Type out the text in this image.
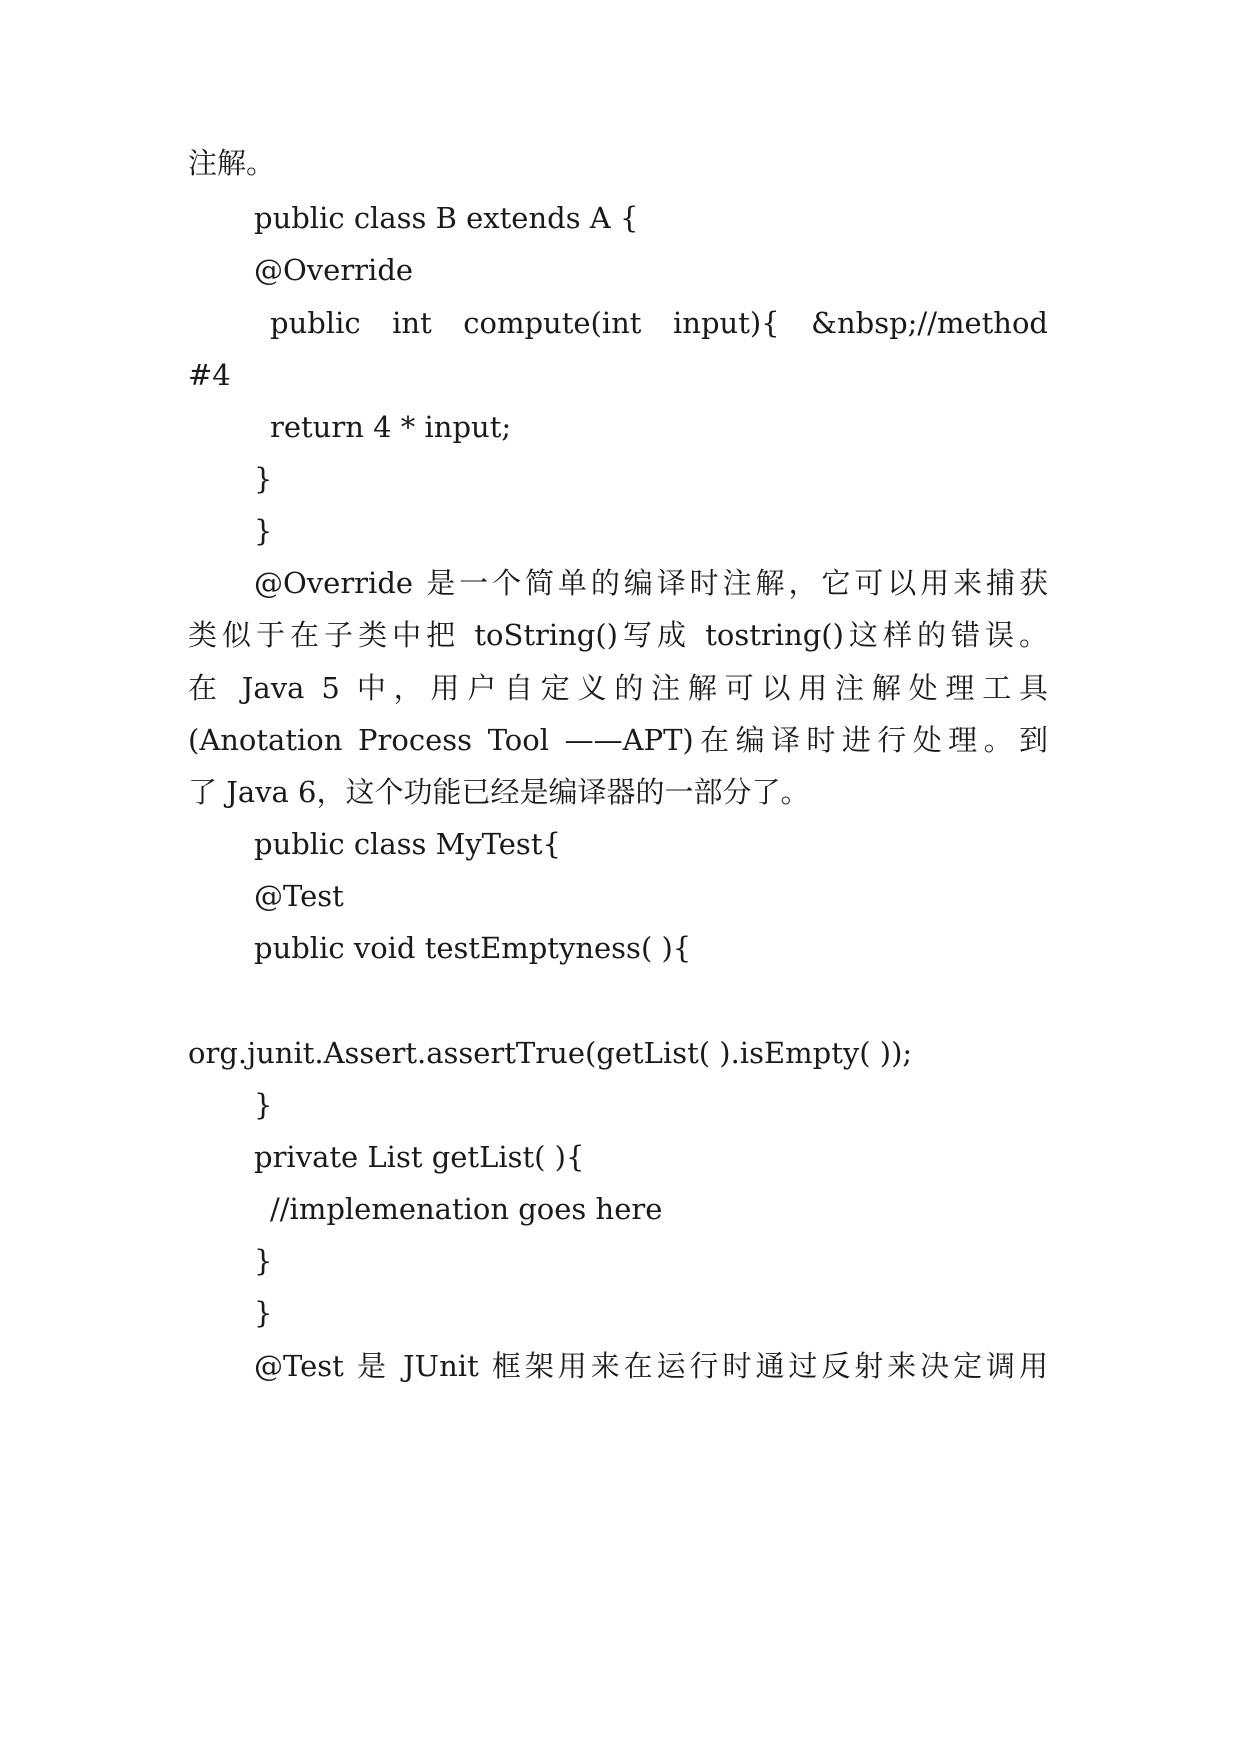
注解。
public class B extends A {
@Override
public int compute(int input){ &nbsp;//method
#4
return 4 * input;
}
}
@Override 是一个简单的编译时注解，它可以用来捕获
类似于在子类中把 toString()写成 tostring()这样的错误。
在 Java 5 中，用户自定义的注解可以用注解处理工具
(Anotation Process Tool ——APT)在编译时进行处理。到
了 Java 6，这个功能已经是编译器的一部分了。
public class MyTest{
@Test
public void testEmptyness( ){
org.junit.Assert.assertTrue(getList( ).isEmpty( ));
}
private List getList( ){
//implemenation goes here
}
}
@Test 是 JUnit 框架用来在运行时通过反射来决定调用
